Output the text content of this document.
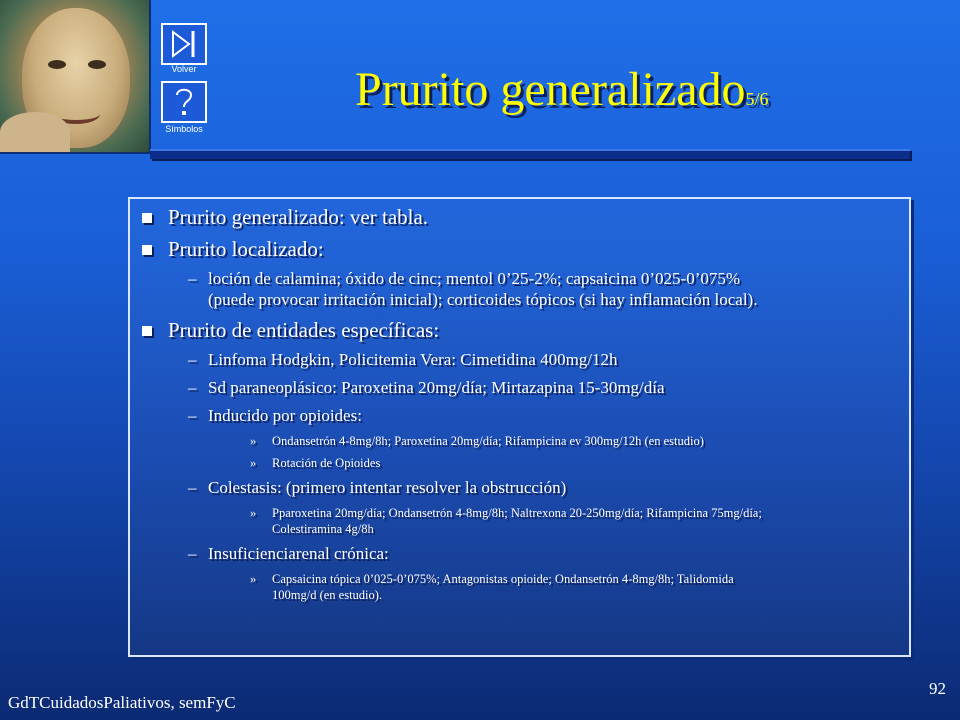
Volver
Símbolos
Prurito generalizado5/6
Prurito generalizado: ver tabla.
Prurito localizado:
– loción de calamina; óxido de cinc; mentol 0’25-2%; capsaicina 0’025-0’075%
(puede provocar irritación inicial); corticoides tópicos (si hay inflamación local).
Prurito de entidades específicas:
– Linfoma Hodgkin, Policitemia Vera: Cimetidina 400mg/12h
– Sd paraneoplásico: Paroxetina 20mg/día; Mirtazapina 15-30mg/día
– Inducido por opioides:
» Ondansetrón 4-8mg/8h; Paroxetina 20mg/día; Rifampicina ev 300mg/12h (en estudio)
» Rotación de Opioides
– Colestasis: (primero intentar resolver la obstrucción)
» Pparoxetina 20mg/día; Ondansetrón 4-8mg/8h; Naltrexona 20-250mg/día; Rifampicina 75mg/día;
Colestiramina 4g/8h
– Insuficienciarenal crónica:
» Capsaicina tópica 0’025-0’075%; Antagonistas opioide; Ondansetrón 4-8mg/8h; Talidomida
100mg/d (en estudio).
GdTCuidadosPaliativos, semFyC
92
